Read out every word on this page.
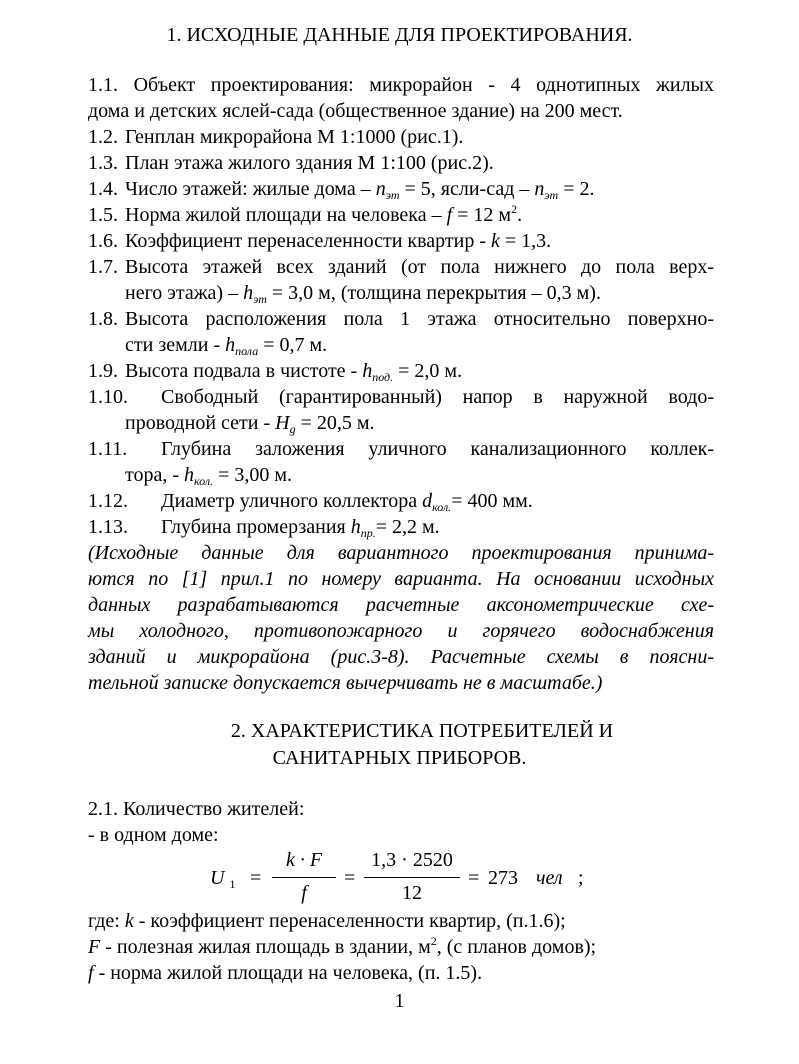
1. ИСХОДНЫЕ ДАННЫЕ ДЛЯ ПРОЕКТИРОВАНИЯ.
1.1. Объект проектирования: микрорайон - 4 однотипных жилых
дома и детских яслей-сада (общественное здание) на 200 мест.
1.2. Генплан микрорайона М 1:1000 (рис.1).
1.3. План этажа жилого здания М 1:100 (рис.2).
1.4. Число этажей: жилые дома – $n_{эт} = 5$, ясли-сад – $n_{эт} = 2$.
1.5. Норма жилой площади на человека – f = 12 $м^2$.
1.6. Коэффициент перенаселенности квартир - k = 1,3.
1.7. Высота этажей всех зданий (от пола нижнего до пола верх-
него этажа) – $h_{эт} = 3,0$ м, (толщина перекрытия – 0,3 м).
1.8. Высота расположения пола 1 этажа относительно поверхно-
сти земли - $h_{пола} = 0,7$ м.
1.9. Высота подвала в чистоте - $h_{под.} = 2,0$ м.
1.10. Свободный (гарантированный) напор в наружной водо-
проводной сети - $H_g = 20,5$ м.
1.11. Глубина заложения уличного канализационного коллек-
тора, - $h_{кол.} = 3,00$ м.
1.12. Диаметр уличного коллектора $d_{кол.}= 400$ мм.
1.13. Глубина промерзания $h_{пр.}= 2,2$ м.
(Исходные данные для вариантного проектирования принима-
ются по [1] прил.1 по номеру варианта. На основании исходных
данных разрабатываются расчетные аксонометрические схе-
мы холодного, противопожарного и горячего водоснабжения
зданий и микрорайона (рис.3-8). Расчетные схемы в поясни-
тельной записке допускается вычерчивать не в масштабе.)
2. ХАРАКТЕРИСТИКА ПОТРЕБИТЕЛЕЙ И
САНИТАРНЫХ ПРИБОРОВ.
2.1. Количество жителей:
- в одном доме:
U $_1$ =
k · F
f
=
1,3 · 2520
12
= 273 чел ;
где: k - коэффициент перенаселенности квартир, (п.1.6);
F - полезная жилая площадь в здании, $м^2$, (с планов домов);
f - норма жилой площади на человека, (п. 1.5).
1
